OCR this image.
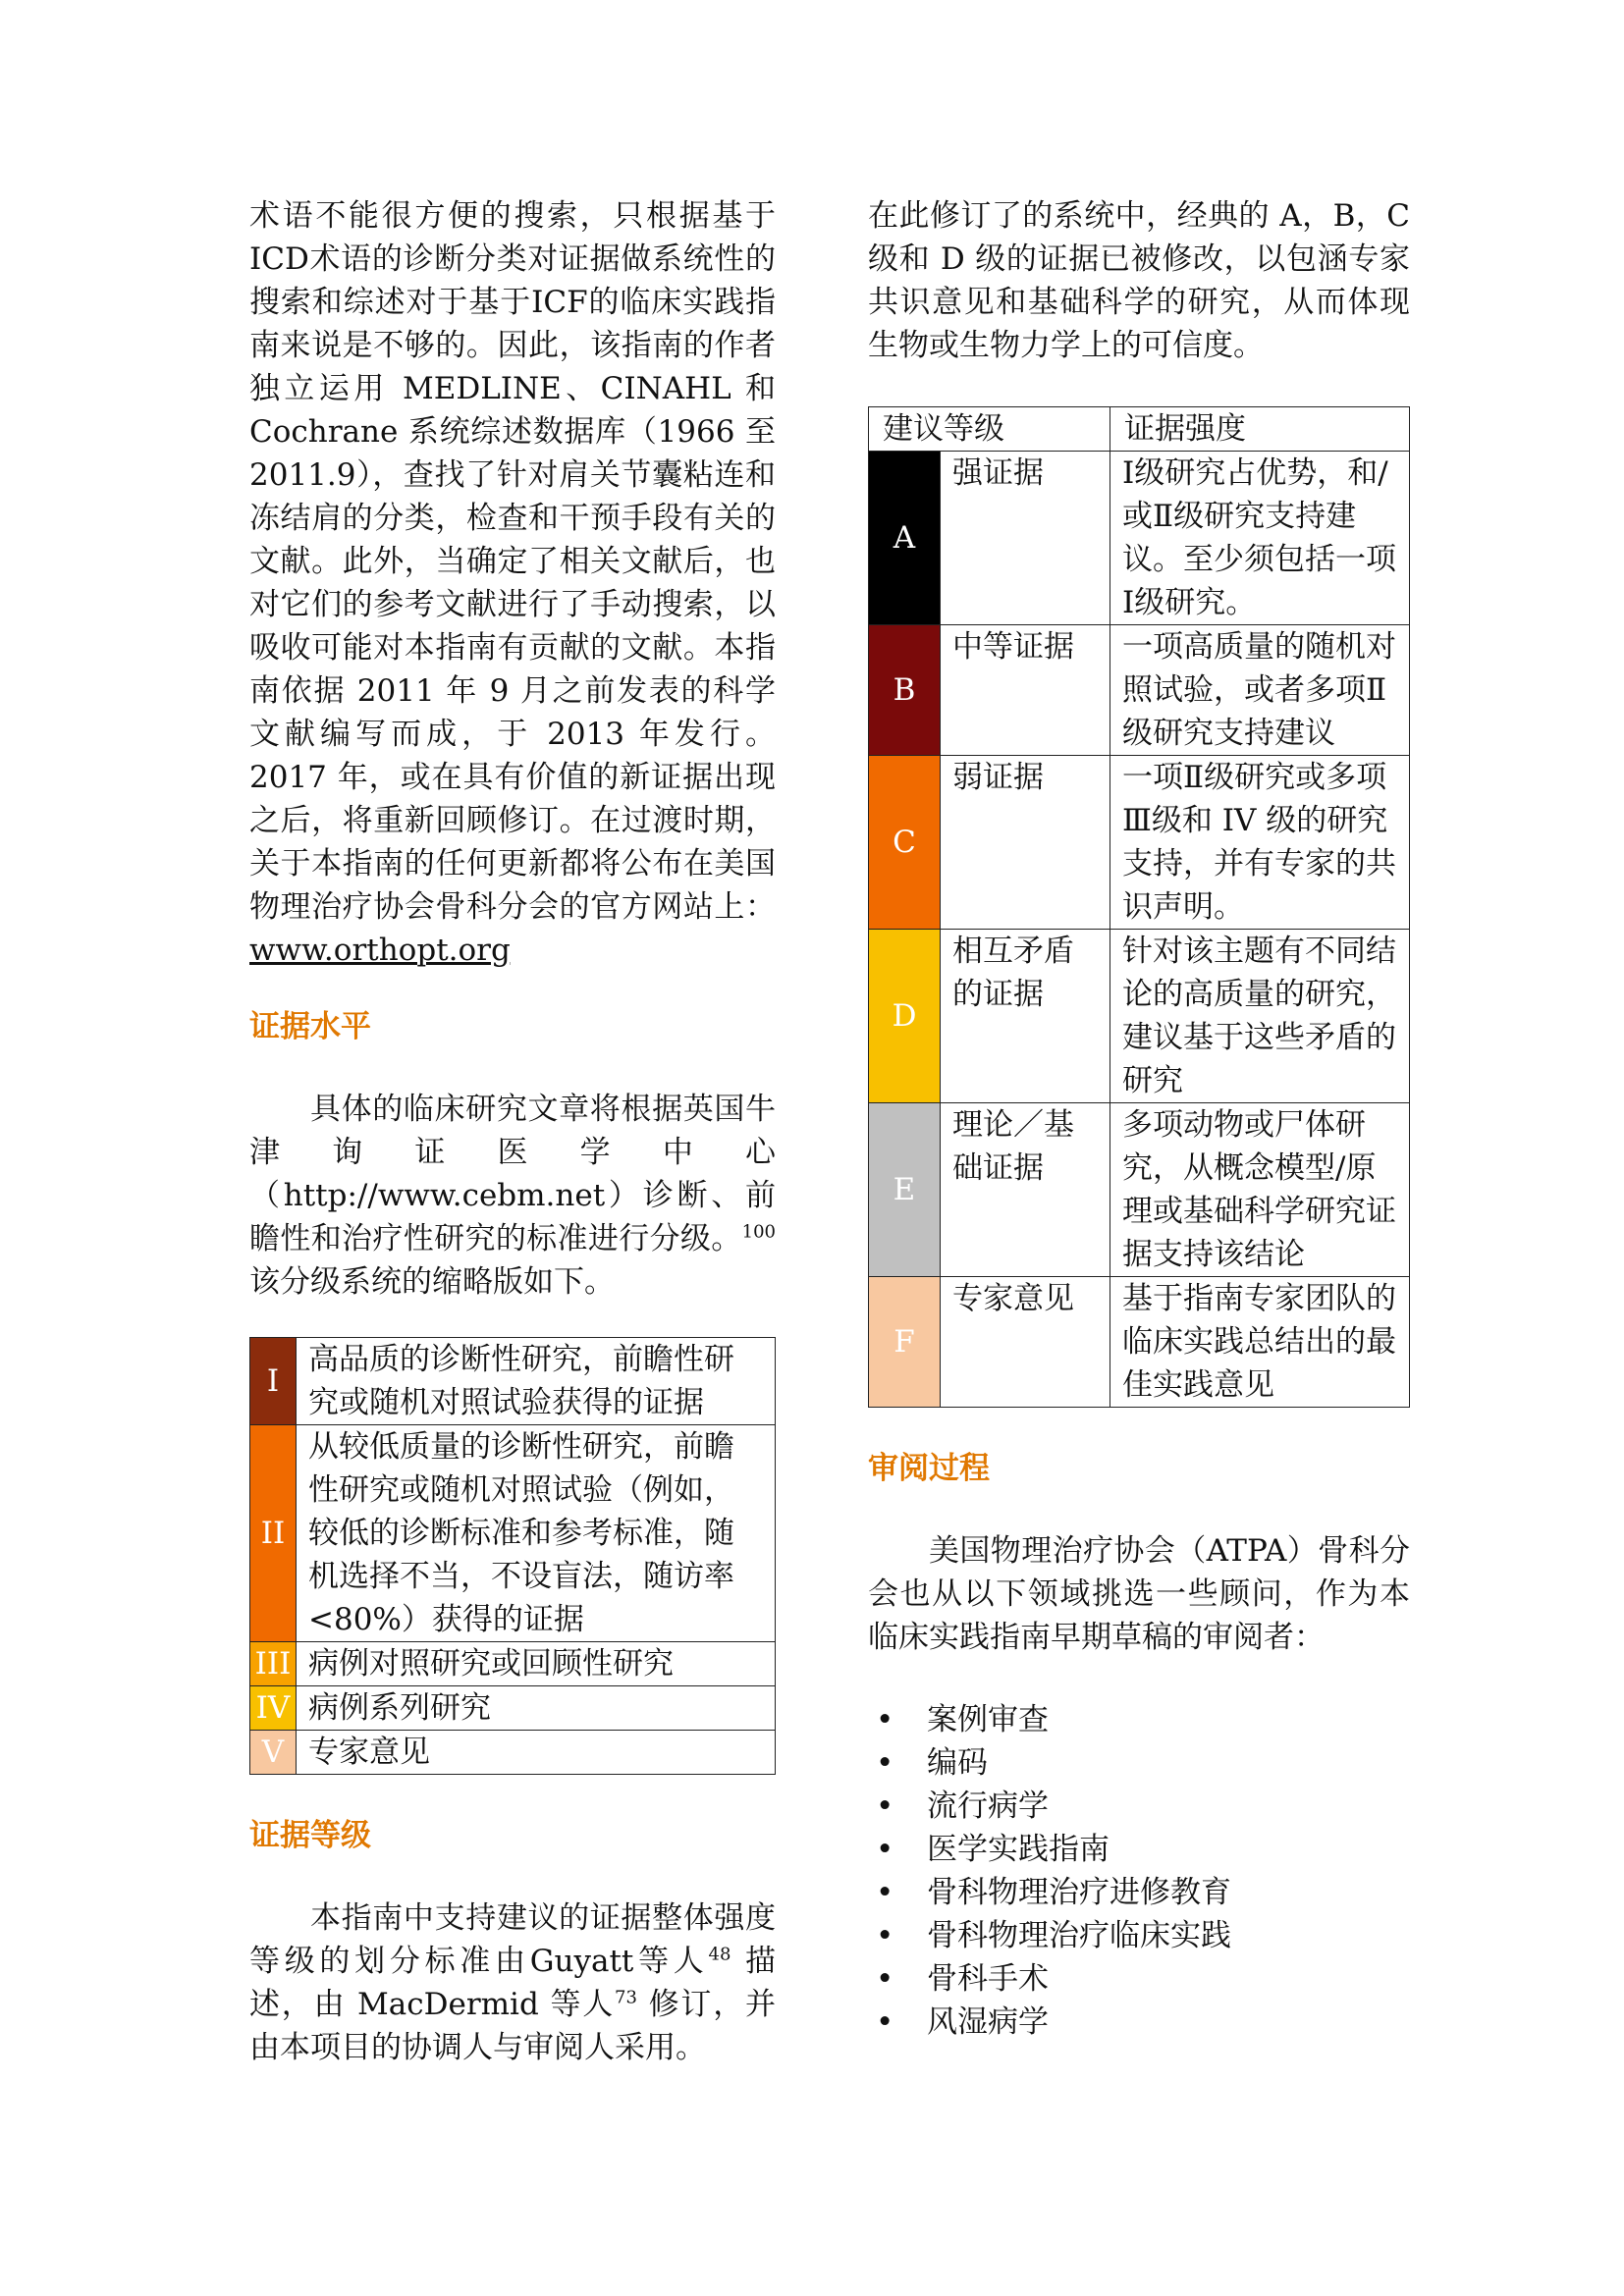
术语不能很方便的搜索，只根据基于ICD术语的诊断分类对证据做系统性的搜索和综述对于基于ICF的临床实践指南来说是不够的。因此，该指南的作者独立运用 MEDLINE、CINAHL 和 Cochrane 系统综述数据库（1966 至 2011.9），查找了针对肩关节囊粘连和冻结肩的分类，检查和干预手段有关的文献。此外，当确定了相关文献后，也对它们的参考文献进行了手动搜索，以吸收可能对本指南有贡献的文献。本指南依据 2011 年 9 月之前发表的科学文献编写而成，于 2013 年发行。2017 年，或在具有价值的新证据出现之后，将重新回顾修订。在过渡时期，关于本指南的任何更新都将公布在美国物理治疗协会骨科分会的官方网站上： www.orthopt.org

证据水平

具体的临床研究文章将根据英国牛津询证医学中心（http://www.cebm.net）诊断、前瞻性和治疗性研究的标准进行分级。$^{100}$ 该分级系统的缩略版如下。

I	高品质的诊断性研究，前瞻性研究或随机对照试验获得的证据
II	从较低质量的诊断性研究，前瞻性研究或随机对照试验（例如，较低的诊断标准和参考标准，随机选择不当，不设盲法，随访率<80%）获得的证据
III	病例对照研究或回顾性研究
IV	病例系列研究
V	专家意见

证据等级

本指南中支持建议的证据整体强度等级的划分标准由Guyatt等人$^{48}$ 描述，由 MacDermid 等人$^{73}$ 修订，并由本项目的协调人与审阅人采用。

在此修订了的系统中，经典的 A，B，C 级和 D 级的证据已被修改，以包涵专家共识意见和基础科学的研究，从而体现生物或生物力学上的可信度。

建议等级		证据强度
A	强证据	Ⅰ级研究占优势，和/或Ⅱ级研究支持建议。至少须包括一项Ⅰ级研究。
B	中等证据	一项高质量的随机对照试验，或者多项Ⅱ级研究支持建议
C	弱证据	一项Ⅱ级研究或多项Ⅲ级和 IV 级的研究支持，并有专家的共识声明。
D	相互矛盾的证据	针对该主题有不同结论的高质量的研究，建议基于这些矛盾的研究
E	理论／基础证据	多项动物或尸体研究，从概念模型/原理或基础科学研究证据支持该结论
F	专家意见	基于指南专家团队的临床实践总结出的最佳实践意见

审阅过程

美国物理治疗协会（ATPA）骨科分会也从以下领域挑选一些顾问，作为本临床实践指南早期草稿的审阅者：

• 案例审查
• 编码
• 流行病学
• 医学实践指南
• 骨科物理治疗进修教育
• 骨科物理治疗临床实践
• 骨科手术
• 风湿病学
